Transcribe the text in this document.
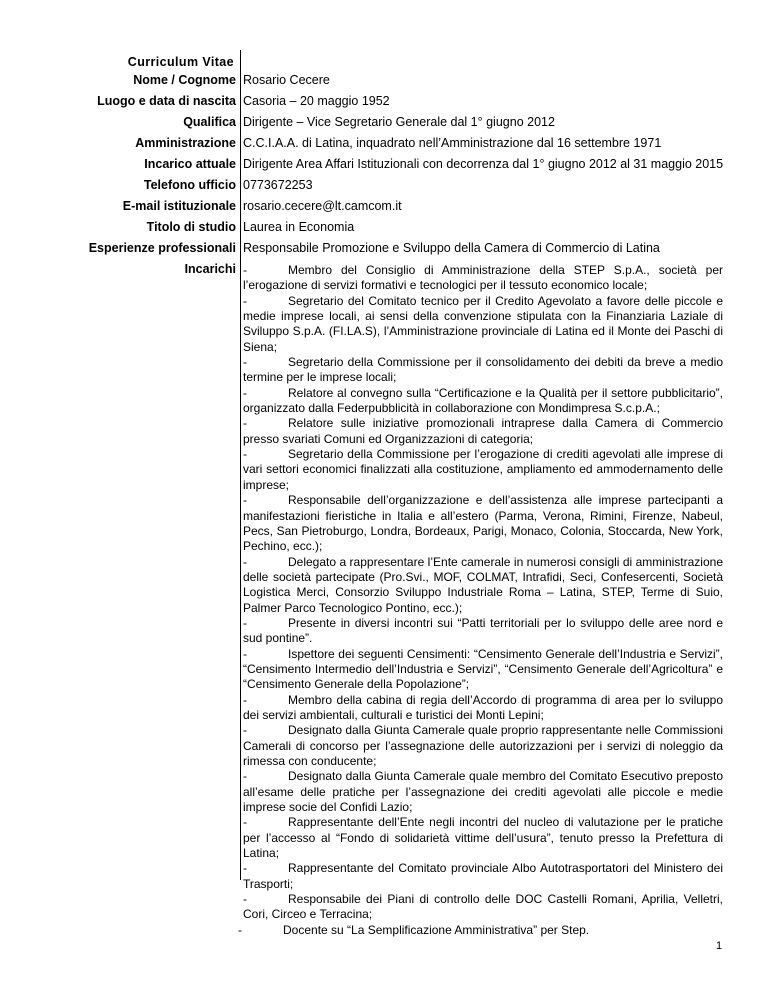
Curriculum Vitae
Nome / Cognome Rosario Cecere
Luogo e data di nascita Casoria – 20 maggio 1952
Qualifica Dirigente – Vice Segretario Generale dal 1° giugno 2012
Amministrazione C.C.I.A.A. di Latina, inquadrato nell’Amministrazione dal 16 settembre 1971
Incarico attuale Dirigente Area Affari Istituzionali con decorrenza dal 1° giugno 2012 al 31 maggio 2015
Telefono ufficio 0773672253
E-mail istituzionale rosario.cecere@lt.camcom.it
Titolo di studio Laurea in Economia
Esperienze professionali Responsabile Promozione e Sviluppo della Camera di Commercio di Latina
Incarichi -	Membro del Consiglio di Amministrazione della STEP S.p.A., società per l’erogazione di servizi formativi e tecnologici per il tessuto economico locale;

-	Segretario del Comitato tecnico per il Credito Agevolato a favore delle piccole e medie imprese locali, ai sensi della convenzione stipulata con la Finanziaria Laziale di Sviluppo S.p.A. (FI.LA.S), l’Amministrazione provinciale di Latina ed il Monte dei Paschi di Siena;

-	Segretario della Commissione per il consolidamento dei debiti da breve a medio termine per le imprese locali;

-	Relatore al convegno sulla “Certificazione e la Qualità per il settore pubblicitario”, organizzato dalla Federpubblicità in collaborazione con Mondimpresa S.c.p.A.;

-	Relatore sulle iniziative promozionali intraprese dalla Camera di Commercio presso svariati Comuni ed Organizzazioni di categoria;

-	Segretario della Commissione per l’erogazione di crediti agevolati alle imprese di vari settori economici finalizzati alla costituzione, ampliamento ed ammodernamento delle imprese;

-	Responsabile dell’organizzazione e dell’assistenza alle imprese partecipanti a manifestazioni fieristiche in Italia e all’estero (Parma, Verona, Rimini, Firenze, Nabeul, Pecs, San Pietroburgo, Londra, Bordeaux, Parigi, Monaco, Colonia, Stoccarda, New York, Pechino, ecc.);

-	Delegato a rappresentare l’Ente camerale in numerosi consigli di amministrazione delle società partecipate (Pro.Svi., MOF, COLMAT, Intrafidi, Seci, Confesercenti, Società Logistica Merci, Consorzio Sviluppo Industriale Roma – Latina, STEP, Terme di Suio, Palmer Parco Tecnologico Pontino, ecc.);

-	Presente in diversi incontri sui “Patti territoriali per lo sviluppo delle aree nord e sud pontine”.

-	Ispettore dei seguenti Censimenti: “Censimento Generale dell’Industria e Servizi”, “Censimento Intermedio dell’Industria e Servizi”, “Censimento Generale dell’Agricoltura” e “Censimento Generale della Popolazione”;

-	Membro della cabina di regia dell’Accordo di programma di area per lo sviluppo dei servizi ambientali, culturali e turistici dei Monti Lepini;

-	Designato dalla Giunta Camerale quale proprio rappresentante nelle Commissioni Camerali di concorso per l’assegnazione delle autorizzazioni per i servizi di noleggio da rimessa con conducente;

-	Designato dalla Giunta Camerale quale membro del Comitato Esecutivo preposto all’esame delle pratiche per l’assegnazione dei crediti agevolati alle piccole e medie imprese socie del Confidi Lazio;

-	Rappresentante dell’Ente negli incontri del nucleo di valutazione per le pratiche per l’accesso al “Fondo di solidarietà vittime dell’usura”, tenuto presso la Prefettura di Latina;

-	Rappresentante del Comitato provinciale Albo Autotrasportatori del Ministero dei Trasporti;

-	Responsabile dei Piani di controllo delle DOC Castelli Romani, Aprilia, Velletri, Cori, Circeo e Terracina;

-	Docente su “La Semplificazione Amministrativa” per Step.

1
